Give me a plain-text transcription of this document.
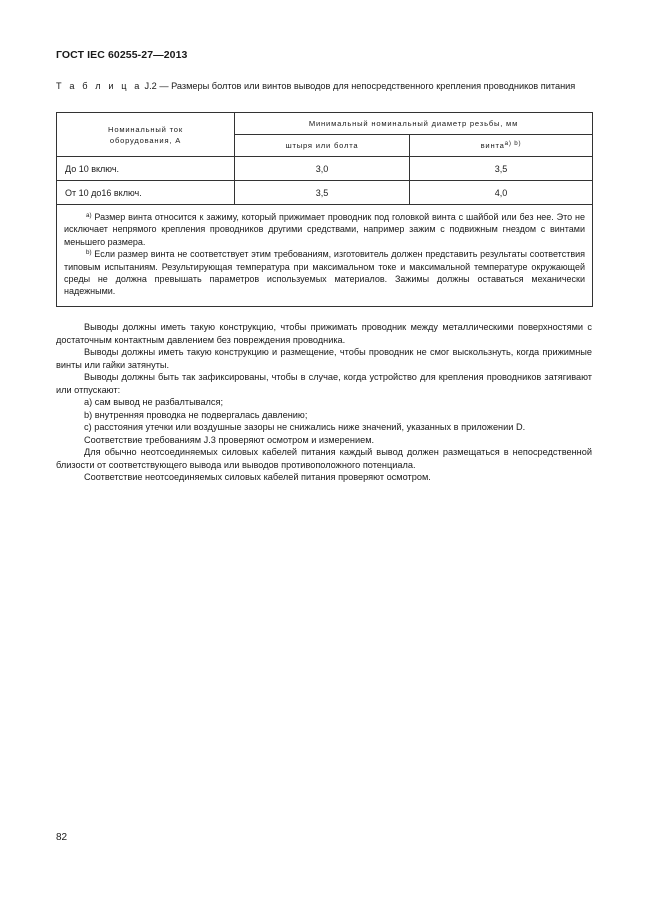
ГОСТ IEC 60255-27—2013
Т а б л и ц а J.2 — Размеры болтов или винтов выводов для непосредственного крепления проводников питания
Номинальный ток
оборудования, А	Минимальный номинальный диаметр резьбы, мм	
	штыря или болта	винта$^{а) b)}$
До 10 включ.	3,0	3,5
От 10 до16 включ.	3,5	4,0

$^{а)}$ Размер винта относится к зажиму, который прижимает проводник под головкой винта с шайбой или без нее. Это не исключает непрямого крепления проводников другими средствами, например зажим с подвижным гнездом с винтами меньшего размера.

$^{b)}$ Если размер винта не соответствует этим требованиям, изготовитель должен представить результаты соответствия типовым испытаниям. Результирующая температура при максимальном токе и максимальной температуре окружающей среды не должна превышать параметров используемых материалов. Зажимы должны оставаться механически надежными.		

Выводы должны иметь такую конструкцию, чтобы прижимать проводник между металлическими поверхностями с достаточным контактным давлением без повреждения проводника.

Выводы должны иметь такую конструкцию и размещение, чтобы проводник не смог выскользнуть, когда прижимные винты или гайки затянуты.

Выводы должны быть так зафиксированы, чтобы в случае, когда устройство для крепления проводников затягивают или отпускают:

а) сам вывод не разбалтывался;

b) внутренняя проводка не подвергалась давлению;

с) расстояния утечки или воздушные зазоры не снижались ниже значений, указанных в приложении D.

Соответствие требованиям J.3 проверяют осмотром и измерением.

Для обычно неотсоединяемых силовых кабелей питания каждый вывод должен размещаться в непосредственной близости от соответствующего вывода или выводов противоположного потенциала.

Соответствие неотсоединяемых силовых кабелей питания проверяют осмотром.

82
